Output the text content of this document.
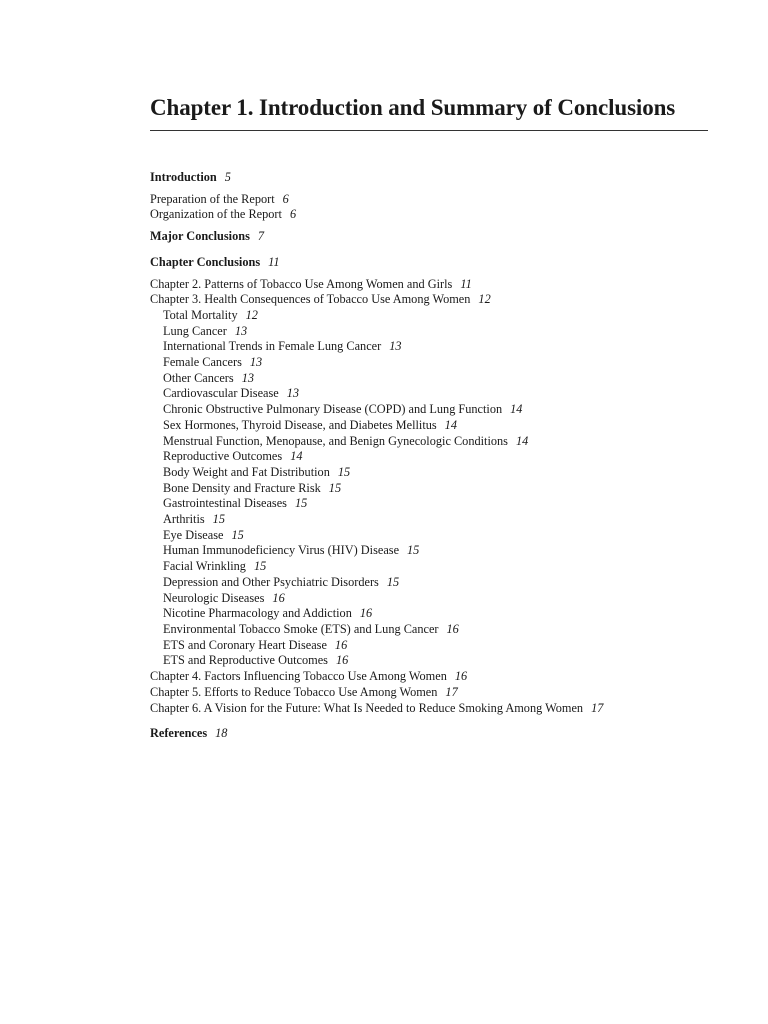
Chapter 1. Introduction and Summary of Conclusions
Introduction 5
Preparation of the Report 6
Organization of the Report 6
Major Conclusions 7
Chapter Conclusions 11
Chapter 2. Patterns of Tobacco Use Among Women and Girls 11
Chapter 3. Health Consequences of Tobacco Use Among Women 12
Total Mortality 12
Lung Cancer 13
International Trends in Female Lung Cancer 13
Female Cancers 13
Other Cancers 13
Cardiovascular Disease 13
Chronic Obstructive Pulmonary Disease (COPD) and Lung Function 14
Sex Hormones, Thyroid Disease, and Diabetes Mellitus 14
Menstrual Function, Menopause, and Benign Gynecologic Conditions 14
Reproductive Outcomes 14
Body Weight and Fat Distribution 15
Bone Density and Fracture Risk 15
Gastrointestinal Diseases 15
Arthritis 15
Eye Disease 15
Human Immunodeficiency Virus (HIV) Disease 15
Facial Wrinkling 15
Depression and Other Psychiatric Disorders 15
Neurologic Diseases 16
Nicotine Pharmacology and Addiction 16
Environmental Tobacco Smoke (ETS) and Lung Cancer 16
ETS and Coronary Heart Disease 16
ETS and Reproductive Outcomes 16
Chapter 4. Factors Influencing Tobacco Use Among Women 16
Chapter 5. Efforts to Reduce Tobacco Use Among Women 17
Chapter 6. A Vision for the Future: What Is Needed to Reduce Smoking Among Women 17
References 18
